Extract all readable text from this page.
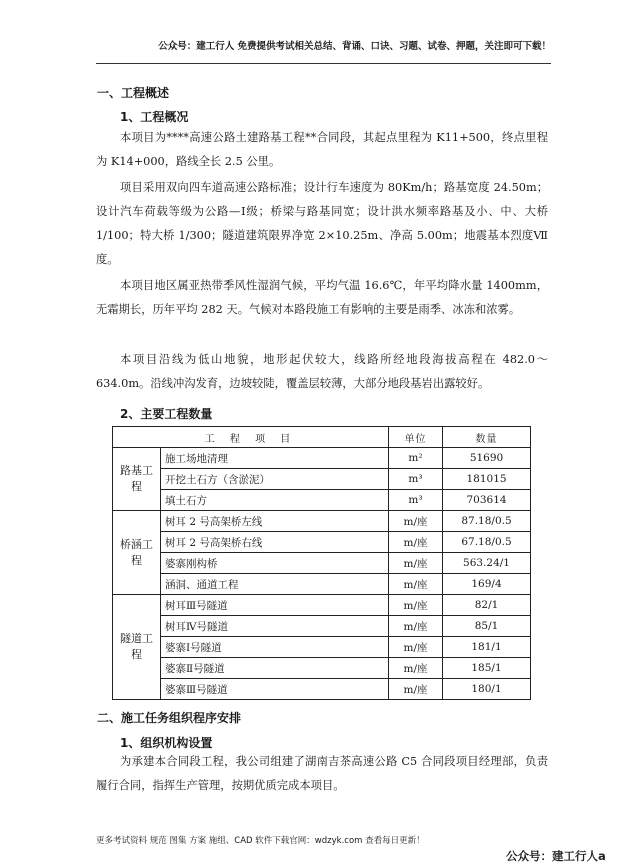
公众号：建工行人 免费提供考试相关总结、背诵、口诀、习题、试卷、押题，关注即可下载！
一、工程概述
1、工程概况

本项目为****高速公路土建路基工程**合同段，其起点里程为 K11+500，终点里程为 K14+000，路线全长 2.5 公里。

项目采用双向四车道高速公路标准；设计行车速度为 80Km/h；路基宽度 24.50m；设计汽车荷载等级为公路—Ⅰ级；桥梁与路基同宽；设计洪水频率路基及小、中、大桥 1/100；特大桥 1/300；隧道建筑限界净宽 2×10.25m、净高 5.00m；地震基本烈度Ⅶ度。

本项目地区属亚热带季风性湿润气候，平均气温 16.6℃，年平均降水量 1400mm，无霜期长，历年平均 282 天。气候对本路段施工有影响的主要是雨季、冰冻和浓雾。

本项目沿线为低山地貌，地形起伏较大，线路所经地段海拔高程在 482.0～634.0m。沿线冲沟发育，边坡较陡，覆盖层较薄，大部分地段基岩出露较好。

2、主要工程数量
工 程 项 目		单位	数量
路基工程	施工场地清理	m²	51690
	开挖土石方（含淤泥）	m³	181015
	填土石方	m³	703614
桥涵工程	树耳 2 号高架桥左线	m/座	87.18/0.5
	树耳 2 号高架桥右线	m/座	67.18/0.5
	婆寨刚构桥	m/座	563.24/1
	涵洞、通道工程	m/座	169/4
隧道工程	树耳Ⅲ号隧道	m/座	82/1
	树耳Ⅳ号隧道	m/座	85/1
	婆寨Ⅰ号隧道	m/座	181/1
	婆寨Ⅱ号隧道	m/座	185/1
	婆寨Ⅲ号隧道	m/座	180/1
二、施工任务组织程序安排
1、组织机构设置

为承建本合同段工程，我公司组建了湖南吉茶高速公路 C5 合同段项目经理部，负责履行合同，指挥生产管理，按期优质完成本项目。

更多考试资料 规范 图集 方案 施组、CAD 软件下载官网：wdzyk.com 查看每日更新！
公众号：建工行人a
